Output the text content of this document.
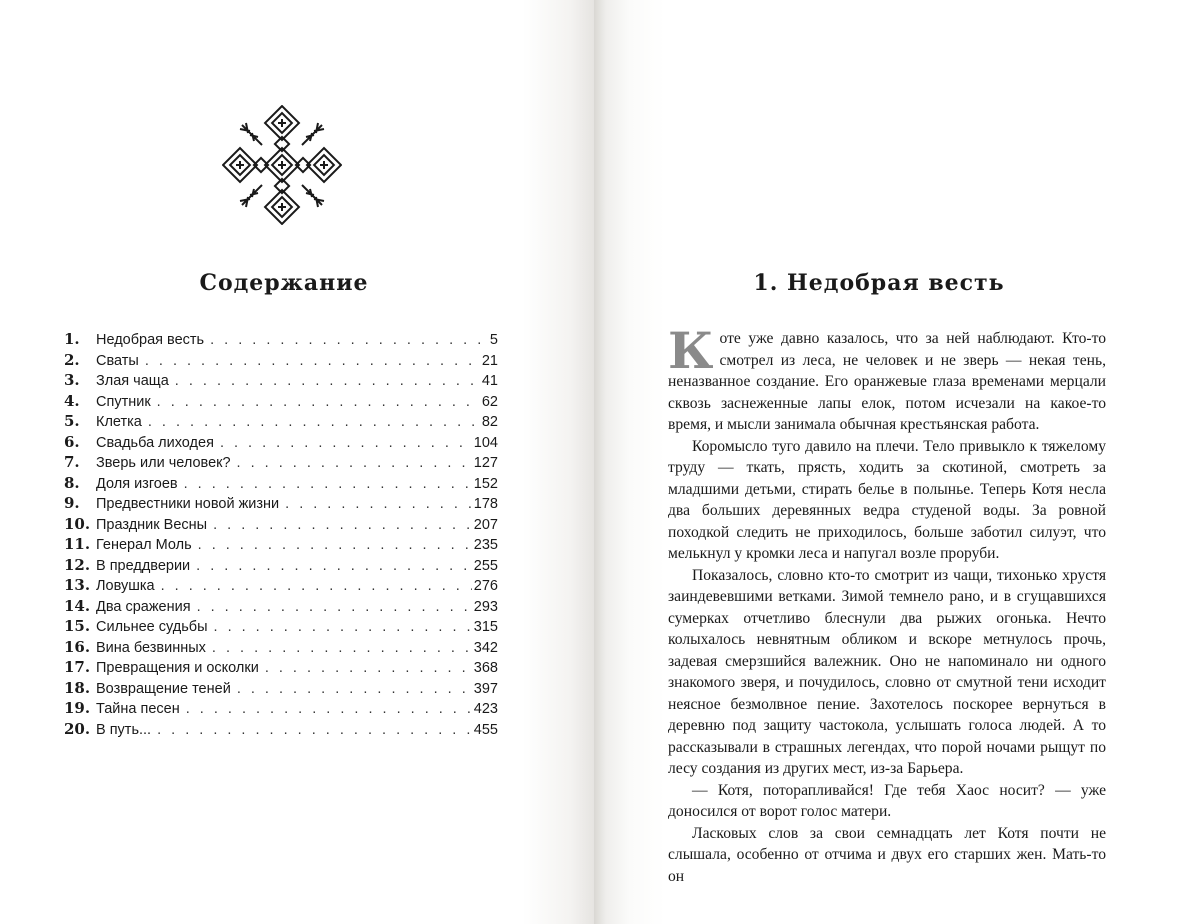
Содержание
1.	Недобрая весть . . .	5
2.	Сваты . . .	21
3.	Злая чаща . . .	41
4.	Спутник . . .	62
5.	Клетка . . .	82
6.	Свадьба лиходея . . .	104
7.	Зверь или человек? . . .	127
8.	Доля изгоев . . .	152
9.	Предвестники новой жизни . . .	178
10. Праздник Весны . . .	207
11. Генерал Моль . . .	235
12. В преддверии . . .	255
13. Ловушка . . .	276
14. Два сражения . . .	293
15. Сильнее судьбы . . .	315
16. Вина безвинных . . .	342
17. Превращения и осколки . . .	368
18. Возвращение теней . . .	397
19. Тайна песен . . .	423
20. В путь... . . .	455
1. Недобрая весть

Коте уже давно казалось, что за ней наблюдают. Кто-то смотрел из леса, не человек и не зверь — некая тень, неназванное создание. Его оранжевые глаза временами мерцали сквозь заснеженные лапы елок, потом исчезали на какое-то время, и мысли занимала обычная крестьянская работа.

Коромысло туго давило на плечи. Тело привыкло к тяжелому труду — ткать, прясть, ходить за скотиной, смотреть за младшими детьми, стирать белье в полынье. Теперь Котя несла два больших деревянных ведра студеной воды. За ровной походкой следить не приходилось, больше заботил силуэт, что мелькнул у кромки леса и напугал возле проруби.

Показалось, словно кто-то смотрит из чащи, тихонько хрустя заиндевевшими ветками. Зимой темнело рано, и в сгущавшихся сумерках отчетливо блеснули два рыжих огонька. Нечто колыхалось невнятным обликом и вскоре метнулось прочь, задевая смерзшийся валежник. Оно не напоминало ни одного знакомого зверя, и почудилось, словно от смутной тени исходит неясное безмолвное пение. Захотелось поскорее вернуться в деревню под защиту частокола, услышать голоса людей. А то рассказывали в страшных легендах, что порой ночами рыщут по лесу создания из других мест, из-за Барьера.

— Котя, поторапливайся! Где тебя Хаос носит? — уже доносился от ворот голос матери.

Ласковых слов за свои семнадцать лет Котя почти не слышала, особенно от отчима и двух его старших жен. Мать-то он
